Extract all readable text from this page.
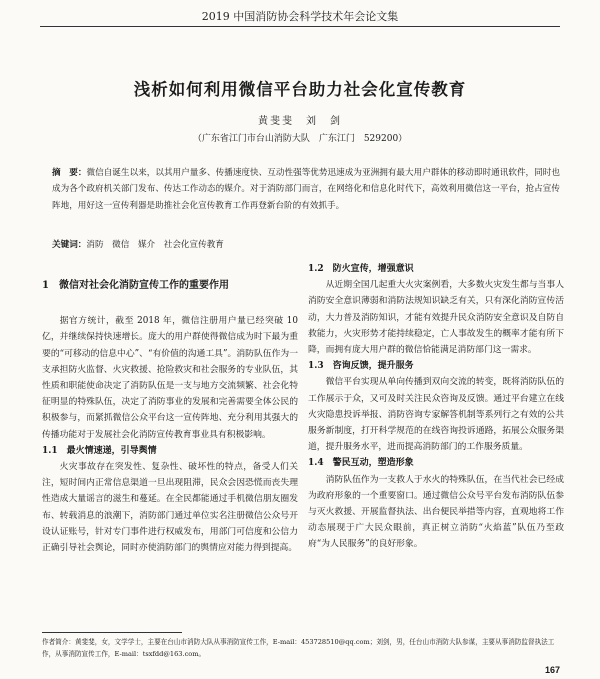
2019 中国消防协会科学技术年会论文集
浅析如何利用微信平台助力社会化宣传教育
黄斐斐　刘　剑
（广东省江门市台山消防大队　广东江门　529200）

摘　要：微信自诞生以来，以其用户量多、传播速度快、互动性强等优势迅速成为亚洲拥有最大用户群体的移动即时通讯软件，同时也成为各个政府机关部门发布、传达工作动态的媒介。对于消防部门而言，在网络化和信息化时代下，高效利用微信这一平台，抢占宣传阵地，用好这一宣传利器是助推社会化宣传教育工作再登新台阶的有效抓手。

关键词：消防　微信　媒介　社会化宣传教育

1　微信对社会化消防宣传工作的重要作用

据官方统计，截至 2018 年，微信注册用户量已经突破 10 亿，并继续保持快速增长。庞大的用户群使得微信成为时下最为重要的“可移动的信息中心”、“有价值的沟通工具”。消防队伍作为一支承担防火监督、火灾救援、抢险救灾和社会服务的专业队伍，其性质和职能使命决定了消防队伍是一支与地方交流频繁、社会化特征明显的特殊队伍，决定了消防事业的发展和完善需要全体公民的积极参与，而紧抓微信公众平台这一宣传阵地、充分利用其强大的传播功能对于发展社会化消防宣传教育事业具有积极影响。

1.1　最火情速递，引导舆情

火灾事故存在突发性、复杂性、破坏性的特点，备受人们关注，短时间内正常信息渠道一旦出现阻滞，民众会因恐慌而丧失理性造成大量谣言的滋生和蔓延。在全民都能通过手机微信朋友圈发布、转载消息的浪潮下，消防部门通过单位实名注册微信公众号开设认证账号，针对专门事件进行权威发布，用部门可信度和公信力正确引导社会舆论，同时亦使消防部门的舆情应对能力得到提高。

1.2　防火宣传，增强意识

从近期全国几起重大火灾案例看，大多数火灾发生都与当事人消防安全意识薄弱和消防法规知识缺乏有关，只有深化消防宣传活动，大力普及消防知识，才能有效提升民众消防安全意识及自防自救能力，火灾形势才能持续稳定，亡人事故发生的概率才能有所下降，而拥有庞大用户群的微信恰能满足消防部门这一需求。

1.3　咨询反馈，提升服务

微信平台实现从单向传播到双向交流的转变，既将消防队伍的工作展示于众，又可及时关注民众咨询及反馈。通过平台建立在线火灾隐患投诉举报、消防咨询专家解答机制等系列行之有效的公共服务新制度，打开科学规范的在线咨询投诉通路，拓展公众服务渠道，提升服务水平，进而提高消防部门的工作服务质量。

1.4　警民互动，塑造形象

消防队伍作为一支救人于水火的特殊队伍，在当代社会已经成为政府形象的一个重要窗口。通过微信公众号平台发布消防队伍参与灭火救援、开展监督执法、出台便民举措等内容，直观地将工作动态展现于广大民众眼前，真正树立消防“火焰蓝”队伍乃至政府“为人民服务”的良好形象。

作者简介：黄斐斐，女，文学学士，主要在台山市消防大队从事消防宣传工作，E-mail：453728510@qq.com；刘剑，男，任台山市消防大队参谋，主要从事消防监督执法工作，从事消防宣传工作，E-mail：tsxfdd@163.com。

167
